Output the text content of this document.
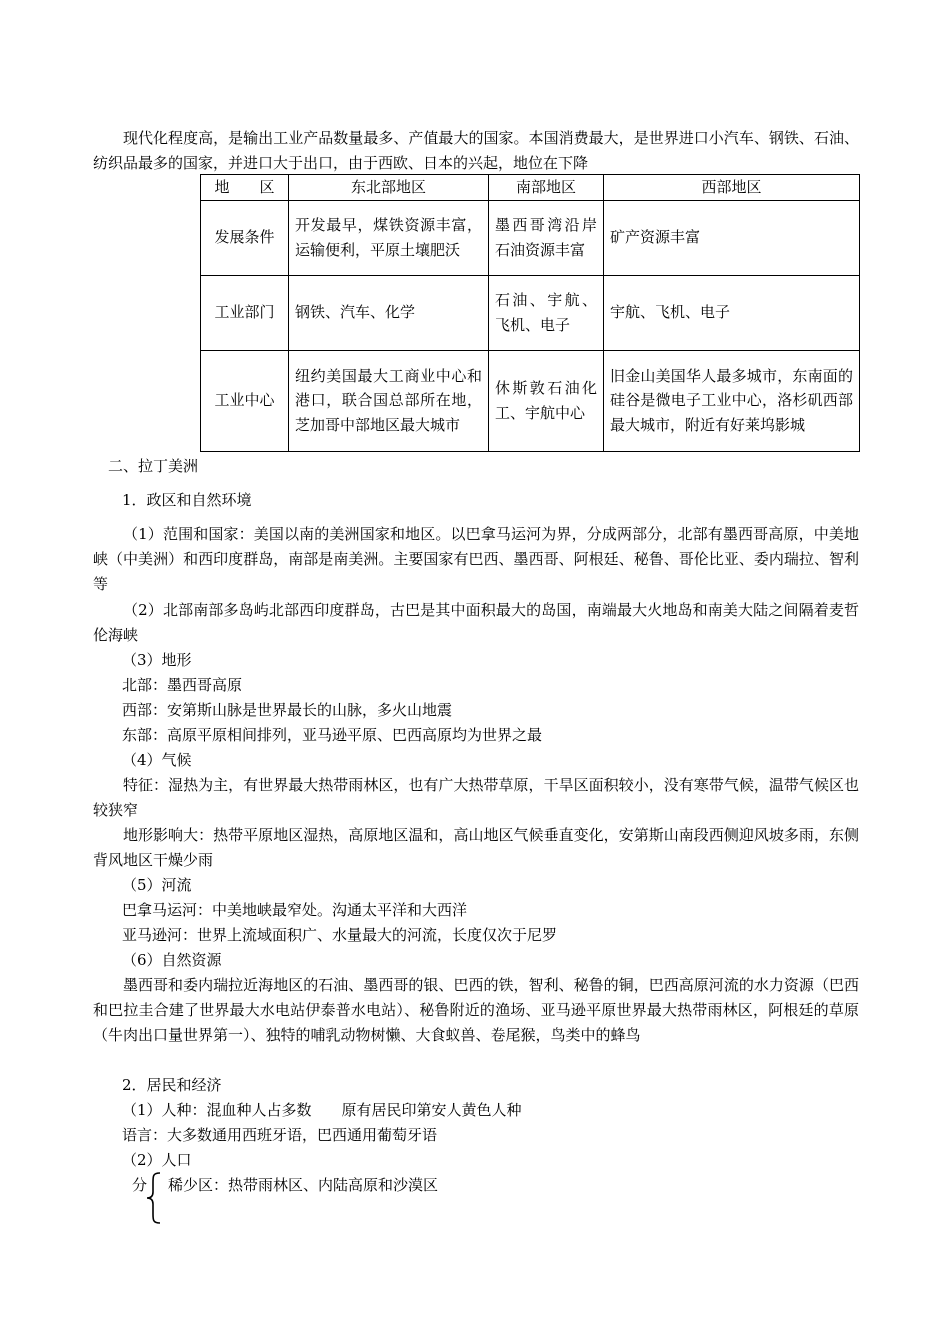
现代化程度高，是输出工业产品数量最多、产值最大的国家。本国消费最大，是世界进口小汽车、钢铁、石油、纺织品最多的国家，并进口大于出口，由于西欧、日本的兴起，地位在下降
地　　区	东北部地区	南部地区	西部地区
发展条件	开发最早，煤铁资源丰富，运输便利，平原土壤肥沃	墨西哥湾沿岸石油资源丰富	矿产资源丰富
工业部门	钢铁、汽车、化学	石油、宇航、飞机、电子	宇航、飞机、电子
工业中心	纽约美国最大工商业中心和港口，联合国总部所在地，芝加哥中部地区最大城市	休斯敦石油化工、宇航中心	旧金山美国华人最多城市，东南面的硅谷是微电子工业中心，洛杉矶西部最大城市，附近有好莱坞影城
二、拉丁美洲
1．政区和自然环境
（1）范围和国家：美国以南的美洲国家和地区。以巴拿马运河为界，分成两部分，北部有墨西哥高原，中美地峡（中美洲）和西印度群岛，南部是南美洲。主要国家有巴西、墨西哥、阿根廷、秘鲁、哥伦比亚、委内瑞拉、智利等
（2）北部南部多岛屿北部西印度群岛，古巴是其中面积最大的岛国，南端最大火地岛和南美大陆之间隔着麦哲伦海峡
（3）地形
北部：墨西哥高原
西部：安第斯山脉是世界最长的山脉，多火山地震
东部：高原平原相间排列，亚马逊平原、巴西高原均为世界之最
（4）气候
特征：湿热为主，有世界最大热带雨林区，也有广大热带草原，干旱区面积较小，没有寒带气候，温带气候区也较狭窄
地形影响大：热带平原地区湿热，高原地区温和，高山地区气候垂直变化，安第斯山南段西侧迎风坡多雨，东侧背风地区干燥少雨
（5）河流
巴拿马运河：中美地峡最窄处。沟通太平洋和大西洋
亚马逊河：世界上流域面积广、水量最大的河流，长度仅次于尼罗
（6）自然资源
墨西哥和委内瑞拉近海地区的石油、墨西哥的银、巴西的铁，智利、秘鲁的铜，巴西高原河流的水力资源（巴西和巴拉圭合建了世界最大水电站伊泰普水电站）、秘鲁附近的渔场、亚马逊平原世界最大热带雨林区，阿根廷的草原（牛肉出口量世界第一）、独特的哺乳动物树懒、大食蚁兽、卷尾猴，鸟类中的蜂鸟
2．居民和经济
（1）人种：混血种人占多数　　原有居民印第安人黄色人种
语言：大多数通用西班牙语，巴西通用葡萄牙语
（2）人口
分 稀少区：热带雨林区、内陆高原和沙漠区
